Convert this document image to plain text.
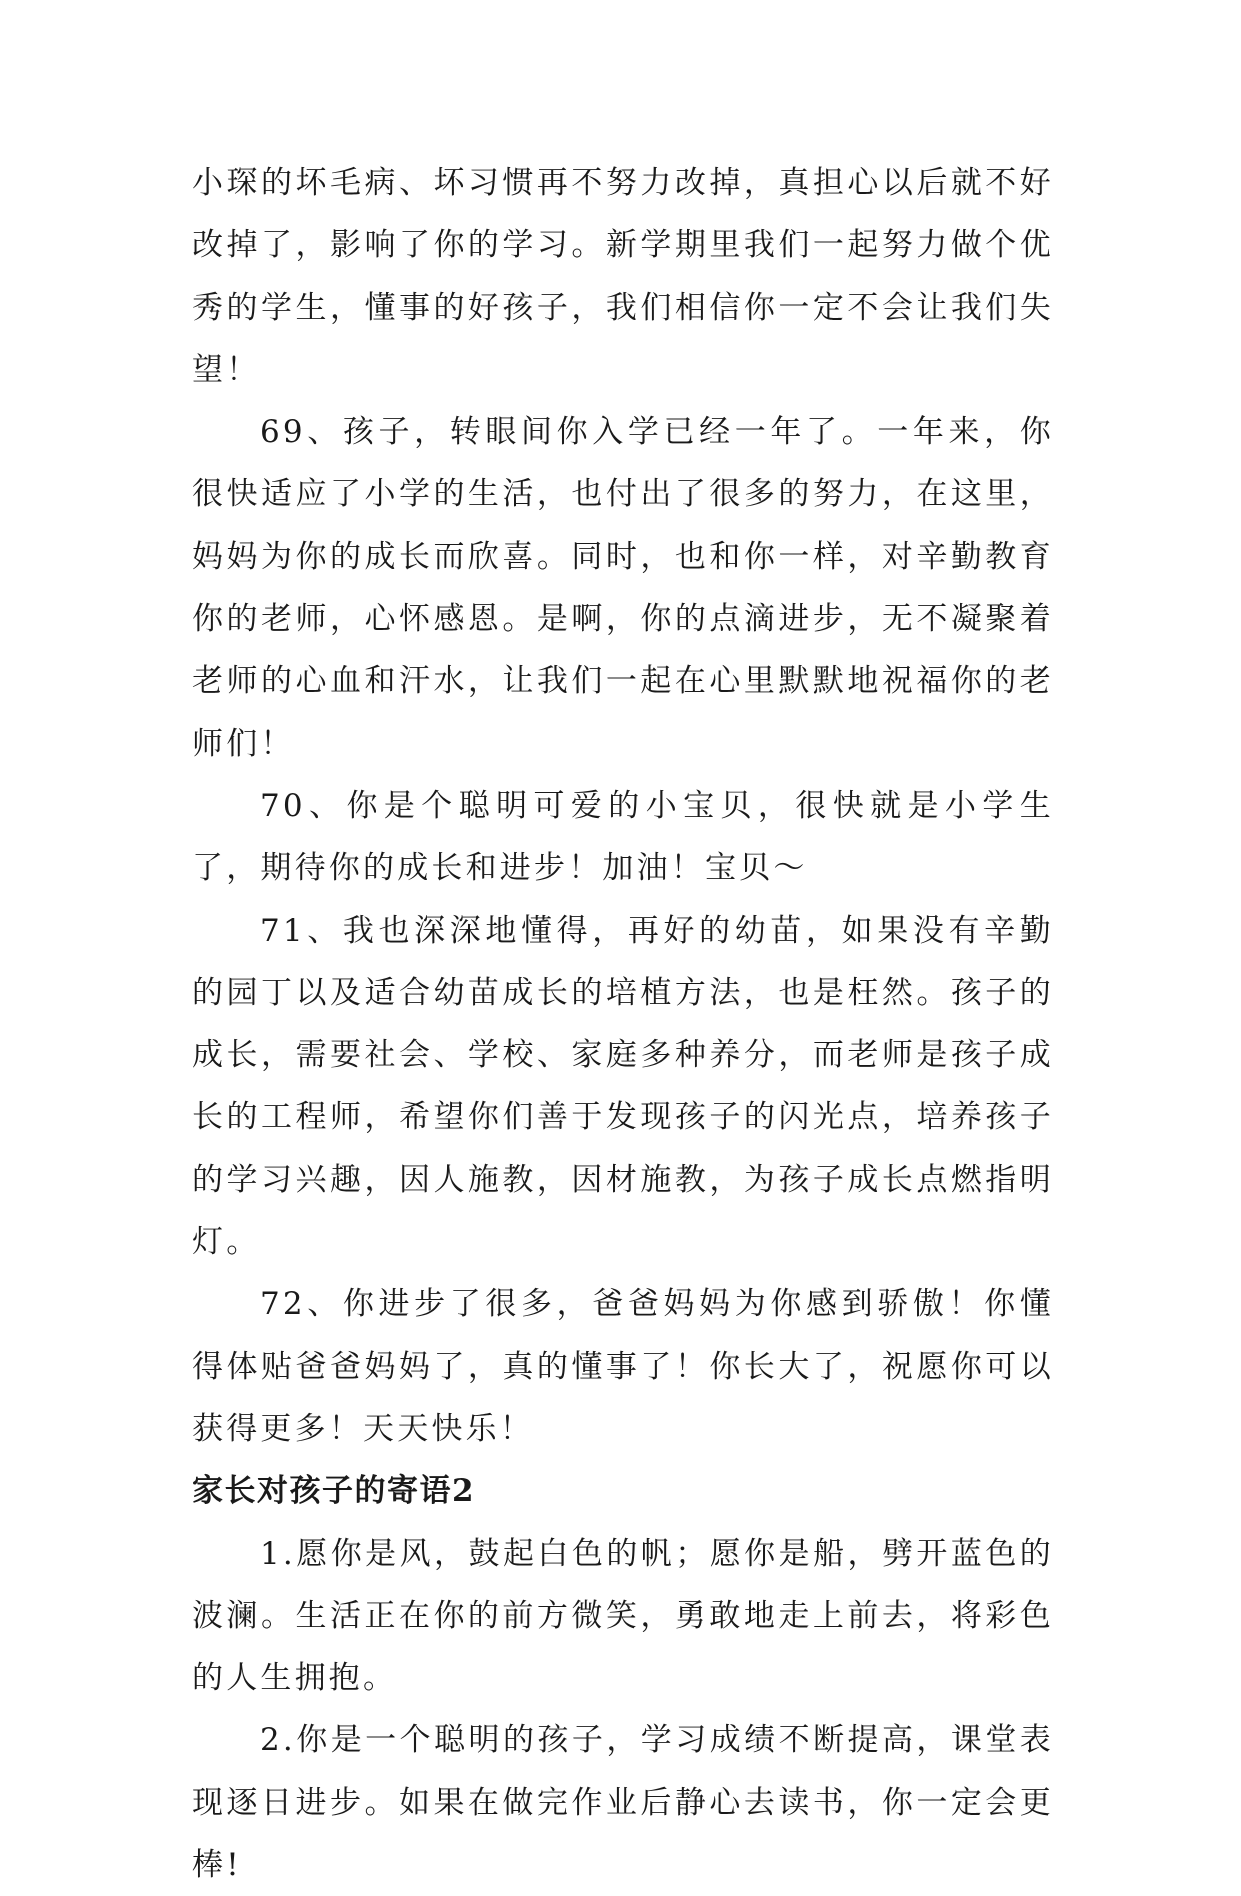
小琛的坏毛病、坏习惯再不努力改掉，真担心以后就不好改掉了，影响了你的学习。新学期里我们一起努力做个优秀的学生，懂事的好孩子，我们相信你一定不会让我们失望！

69、孩子，转眼间你入学已经一年了。一年来，你很快适应了小学的生活，也付出了很多的努力，在这里，妈妈为你的成长而欣喜。同时，也和你一样，对辛勤教育你的老师，心怀感恩。是啊，你的点滴进步，无不凝聚着老师的心血和汗水，让我们一起在心里默默地祝福你的老师们！

70、你是个聪明可爱的小宝贝，很快就是小学生了，期待你的成长和进步！加油！宝贝～

71、我也深深地懂得，再好的幼苗，如果没有辛勤的园丁以及适合幼苗成长的培植方法，也是枉然。孩子的成长，需要社会、学校、家庭多种养分，而老师是孩子成长的工程师，希望你们善于发现孩子的闪光点，培养孩子的学习兴趣，因人施教，因材施教，为孩子成长点燃指明灯。

72、你进步了很多，爸爸妈妈为你感到骄傲！你懂得体贴爸爸妈妈了，真的懂事了！你长大了，祝愿你可以获得更多！天天快乐！

家长对孩子的寄语2

1.愿你是风，鼓起白色的帆；愿你是船，劈开蓝色的波澜。生活正在你的前方微笑，勇敢地走上前去，将彩色的人生拥抱。

2.你是一个聪明的孩子，学习成绩不断提高，课堂表现逐日进步。如果在做完作业后静心去读书，你一定会更棒!
